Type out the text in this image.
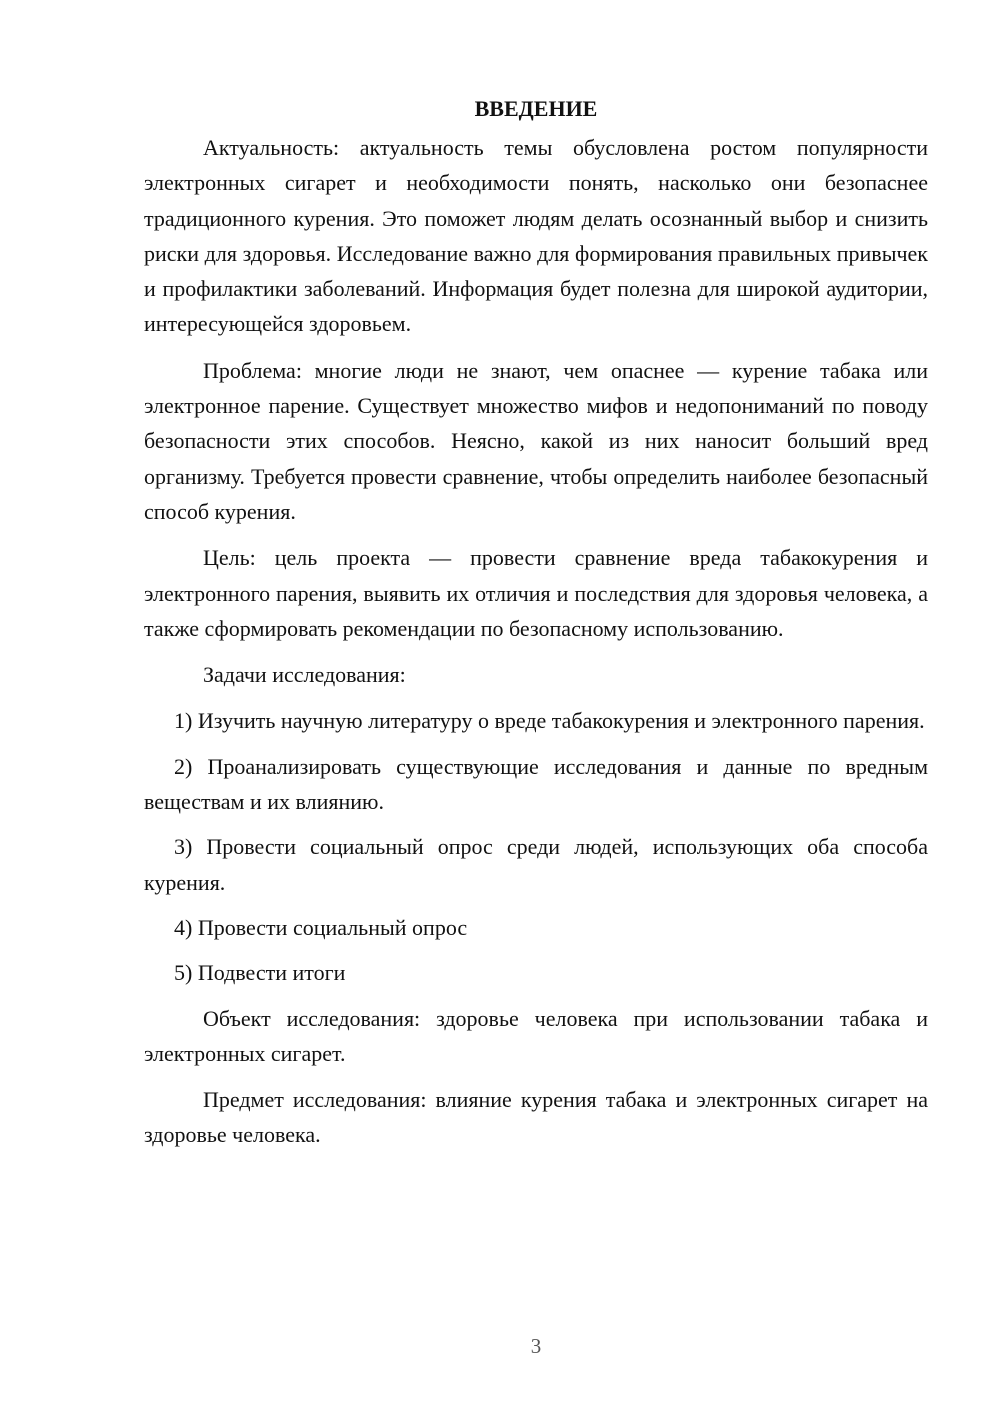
ВВЕДЕНИЕ

Актуальность: актуальность темы обусловлена ростом популярности электронных сигарет и необходимости понять, насколько они безопаснее традиционного курения. Это поможет людям делать осознанный выбор и снизить риски для здоровья. Исследование важно для формирования правильных привычек и профилактики заболеваний. Информация будет полезна для широкой аудитории, интересующейся здоровьем.

Проблема: многие люди не знают, чем опаснее — курение табака или электронное парение. Существует множество мифов и недопониманий по поводу безопасности этих способов. Неясно, какой из них наносит больший вред организму. Требуется провести сравнение, чтобы определить наиболее безопасный способ курения.

Цель: цель проекта — провести сравнение вреда табакокурения и электронного парения, выявить их отличия и последствия для здоровья человека, а также сформировать рекомендации по безопасному использованию.

Задачи исследования:

1) Изучить научную литературу о вреде табакокурения и электронного парения.

2) Проанализировать существующие исследования и данные по вредным веществам и их влиянию.

3) Провести социальный опрос среди людей, использующих оба способа курения.

4) Провести социальный опрос

5) Подвести итоги

Объект исследования: здоровье человека при использовании табака и электронных сигарет.

Предмет исследования: влияние курения табака и электронных сигарет на здоровье человека.

3
